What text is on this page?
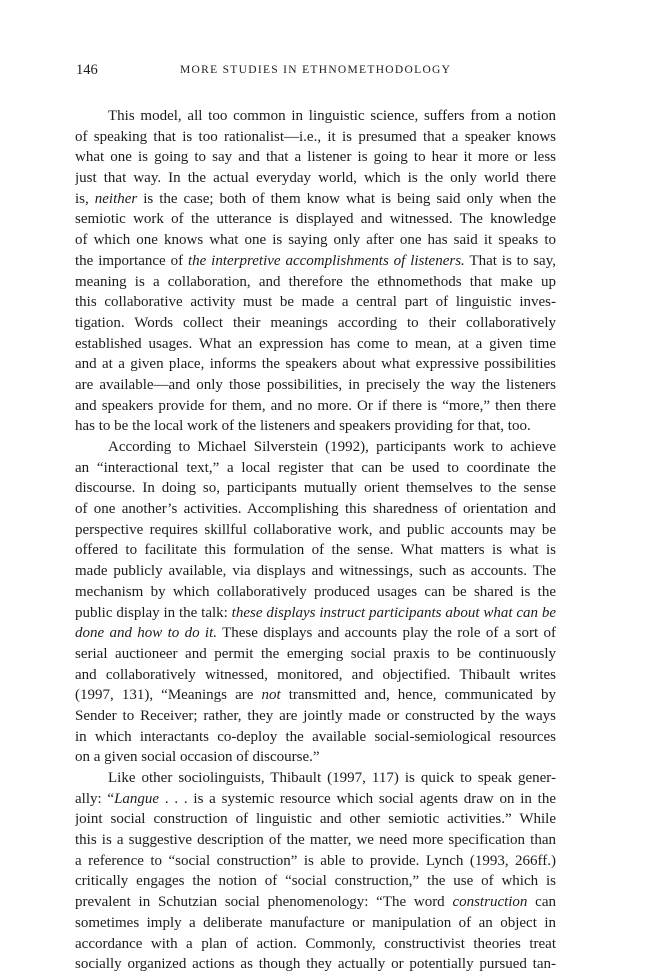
146	MORE STUDIES IN ETHNOMETHODOLOGY
This model, all too common in linguistic science, suffers from a notion
of speaking that is too rationalist—i.e., it is presumed that a speaker knows
what one is going to say and that a listener is going to hear it more or less
just that way. In the actual everyday world, which is the only world there
is, neither is the case; both of them know what is being said only when the
semiotic work of the utterance is displayed and witnessed. The knowledge
of which one knows what one is saying only after one has said it speaks to
the importance of the interpretive accomplishments of listeners. That is to say,
meaning is a collaboration, and therefore the ethnomethods that make up
this collaborative activity must be made a central part of linguistic inves-
tigation. Words collect their meanings according to their collaboratively
established usages. What an expression has come to mean, at a given time
and at a given place, informs the speakers about what expressive possibilities
are available—and only those possibilities, in precisely the way the listeners
and speakers provide for them, and no more. Or if there is “more,” then there
has to be the local work of the listeners and speakers providing for that, too.
According to Michael Silverstein (1992), participants work to achieve
an “interactional text,” a local register that can be used to coordinate the
discourse. In doing so, participants mutually orient themselves to the sense
of one another’s activities. Accomplishing this sharedness of orientation and
perspective requires skillful collaborative work, and public accounts may be
offered to facilitate this formulation of the sense. What matters is what is
made publicly available, via displays and witnessings, such as accounts. The
mechanism by which collaboratively produced usages can be shared is the
public display in the talk: these displays instruct participants about what can be
done and how to do it. These displays and accounts play the role of a sort of
serial auctioneer and permit the emerging social praxis to be continuously
and collaboratively witnessed, monitored, and objectified. Thibault writes
(1997, 131), “Meanings are not transmitted and, hence, communicated by
Sender to Receiver; rather, they are jointly made or constructed by the ways
in which interactants co-deploy the available social-semiological resources
on a given social occasion of discourse.”
Like other sociolinguists, Thibault (1997, 117) is quick to speak gener-
ally: “Langue . . . is a systemic resource which social agents draw on in the
joint social construction of linguistic and other semiotic activities.” While
this is a suggestive description of the matter, we need more specification than
a reference to “social construction” is able to provide. Lynch (1993, 266ff.)
critically engages the notion of “social construction,” the use of which is
prevalent in Schutzian social phenomenology: “The word construction can
sometimes imply a deliberate manufacture or manipulation of an object in
accordance with a plan of action. Commonly, constructivist theories treat
socially organized actions as though they actually or potentially pursued tan-
